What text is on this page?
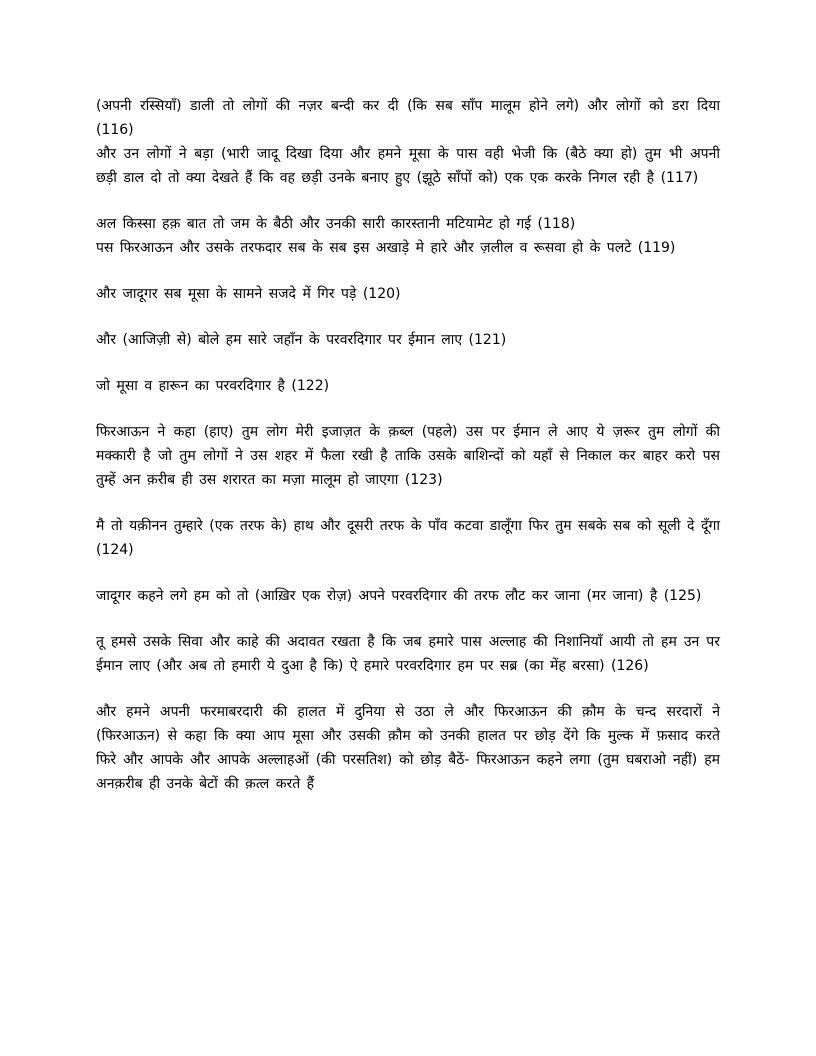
(अपनी रस्सियाँ) डाली तो लोगों की नज़र बन्दी कर दी (कि सब साँप मालूम होने लगे) और लोगों को डरा दिया (116)
और उन लोगों ने बड़ा (भारी जादू दिखा दिया और हमने मूसा के पास वही भेजी कि (बैठे क्या हो) तुम भी अपनी छड़ी डाल दो तो क्या देखते हैं कि वह छड़ी उनके बनाए हुए (झूठे साँपों को) एक एक करके निगल रही है (117)

अल किस्सा हक़ बात तो जम के बैठी और उनकी सारी कारस्तानी मटियामेट हो गई (118)
पस फिरआऊन और उसके तरफदार सब के सब इस अखाड़े मे हारे और ज़लील व रूसवा हो के पलटे (119)

और जादूगर सब मूसा के सामने सजदे में गिर पड़े (120)

और (आजिज़ी से) बोले हम सारे जहाँन के परवरदिगार पर ईमान लाए (121)

जो मूसा व हारून का परवरदिगार है (122)

फिरआऊन ने कहा (हाए) तुम लोग मेरी इजाज़त के क़ब्ल (पहले) उस पर ईमान ले आए ये ज़रूर तुम लोगों की मक्कारी है जो तुम लोगों ने उस शहर में फैला रखी है ताकि उसके बाशिन्दों को यहाँ से निकाल कर बाहर करो पस तुम्हें अन क़रीब ही उस शरारत का मज़ा मालूम हो जाएगा (123)

मै तो यक़ीनन तुम्हारे (एक तरफ के) हाथ और दूसरी तरफ के पाँव कटवा डालूँगा फिर तुम सबके सब को सूली दे दूँगा (124)

जादूगर कहने लगे हम को तो (आख़िर एक रोज़) अपने परवरदिगार की तरफ लौट कर जाना (मर जाना) है (125)

तू हमसे उसके सिवा और काहे की अदावत रखता है कि जब हमारे पास अल्लाह की निशानियाँ आयी तो हम उन पर ईमान लाए (और अब तो हमारी ये दुआ है कि) ऐ हमारे परवरदिगार हम पर सब्र (का मेंह बरसा) (126)

और हमने अपनी फरमाबरदारी की हालत में दुनिया से उठा ले और फिरआऊन की क़ौम के चन्द सरदारों ने (फिरआऊन) से कहा कि क्या आप मूसा और उसकी क़ौम को उनकी हालत पर छोड़ देंगे कि मुल्क में फ़साद करते फिरे और आपके और आपके अल्लाहओं (की परसतिश) को छोड़ बैठें- फिरआऊन कहने लगा (तुम घबराओ नहीं) हम अनक़रीब ही उनके बेटों की क़त्ल करते हैं
